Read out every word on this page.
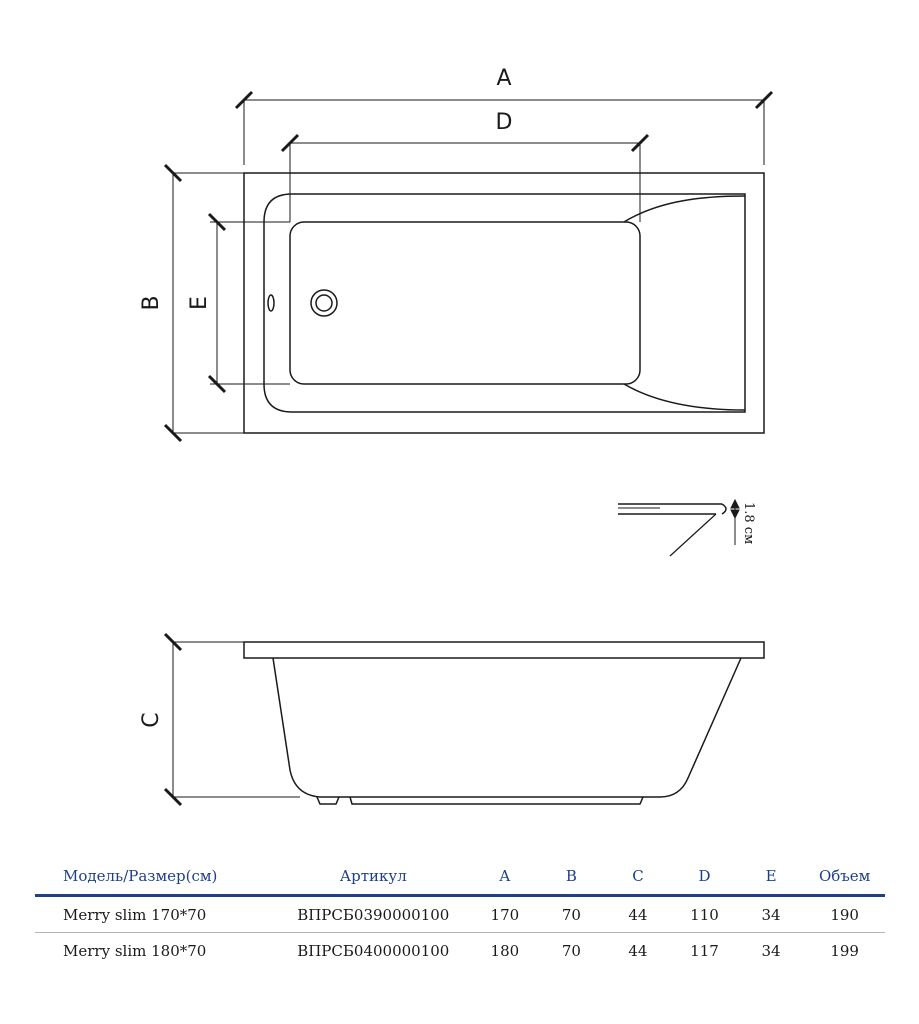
A
D
B E
C
1.8 см
Модель/Размер(см)	Артикул	A	B	C	D	E	Объем
Merry slim 170*70	ВПРСБ0390000100	170	70	44	110	34	190
Merry slim 180*70	ВПРСБ0400000100	180	70	44	117	34	199
